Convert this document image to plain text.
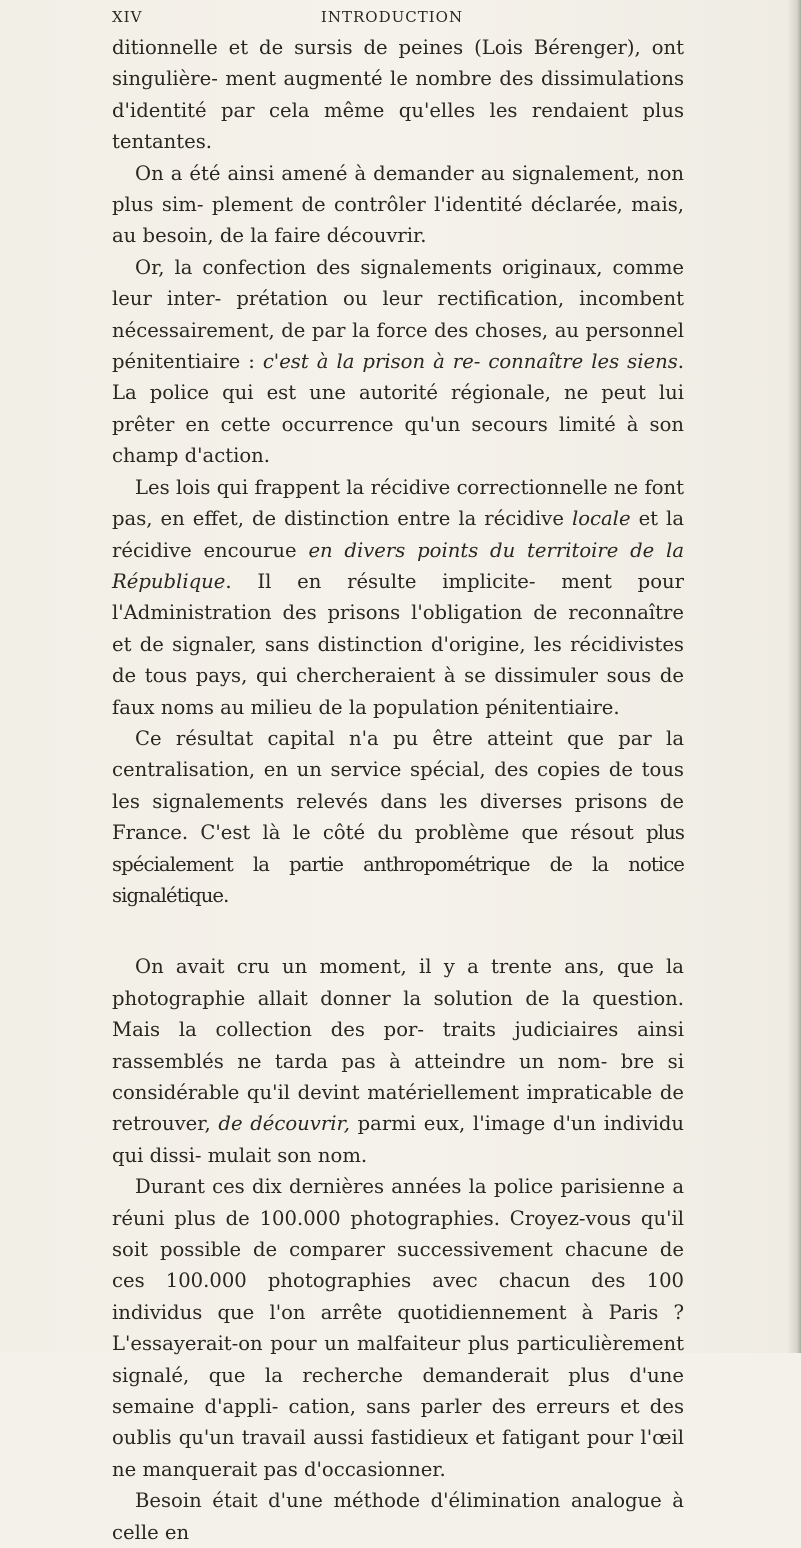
XIV	INTRODUCTION

ditionnelle et de sursis de peines (Lois Bérenger), ont singulière- ment augmenté le nombre des dissimulations d'identité par cela même qu'elles les rendaient plus tentantes.

On a été ainsi amené à demander au signalement, non plus sim- plement de contrôler l'identité déclarée, mais, au besoin, de la faire découvrir.

Or, la confection des signalements originaux, comme leur inter- prétation ou leur rectification, incombent nécessairement, de par la force des choses, au personnel pénitentiaire : c'est à la prison à re- connaître les siens. La police qui est une autorité régionale, ne peut lui prêter en cette occurrence qu'un secours limité à son champ d'action.

Les lois qui frappent la récidive correctionnelle ne font pas, en effet, de distinction entre la récidive locale et la récidive encourue en divers points du territoire de la République. Il en résulte implicite- ment pour l'Administration des prisons l'obligation de reconnaître et de signaler, sans distinction d'origine, les récidivistes de tous pays, qui chercheraient à se dissimuler sous de faux noms au milieu de la population pénitentiaire.

Ce résultat capital n'a pu être atteint que par la centralisation, en un service spécial, des copies de tous les signalements relevés dans les diverses prisons de France. C'est là le côté du problème que résout plus spécialement la partie anthropométrique de la notice signalétique.

On avait cru un moment, il y a trente ans, que la photographie allait donner la solution de la question. Mais la collection des por- traits judiciaires ainsi rassemblés ne tarda pas à atteindre un nom- bre si considérable qu'il devint matériellement impraticable de retrouver, de découvrir, parmi eux, l'image d'un individu qui dissi- mulait son nom.

Durant ces dix dernières années la police parisienne a réuni plus de 100.000 photographies. Croyez-vous qu'il soit possible de comparer successivement chacune de ces 100.000 photographies avec chacun des 100 individus que l'on arrête quotidiennement à Paris ? L'essayerait-on pour un malfaiteur plus particulièrement signalé, que la recherche demanderait plus d'une semaine d'appli- cation, sans parler des erreurs et des oublis qu'un travail aussi fastidieux et fatigant pour l'œil ne manquerait pas d'occasionner.

Besoin était d'une méthode d'élimination analogue à celle en
